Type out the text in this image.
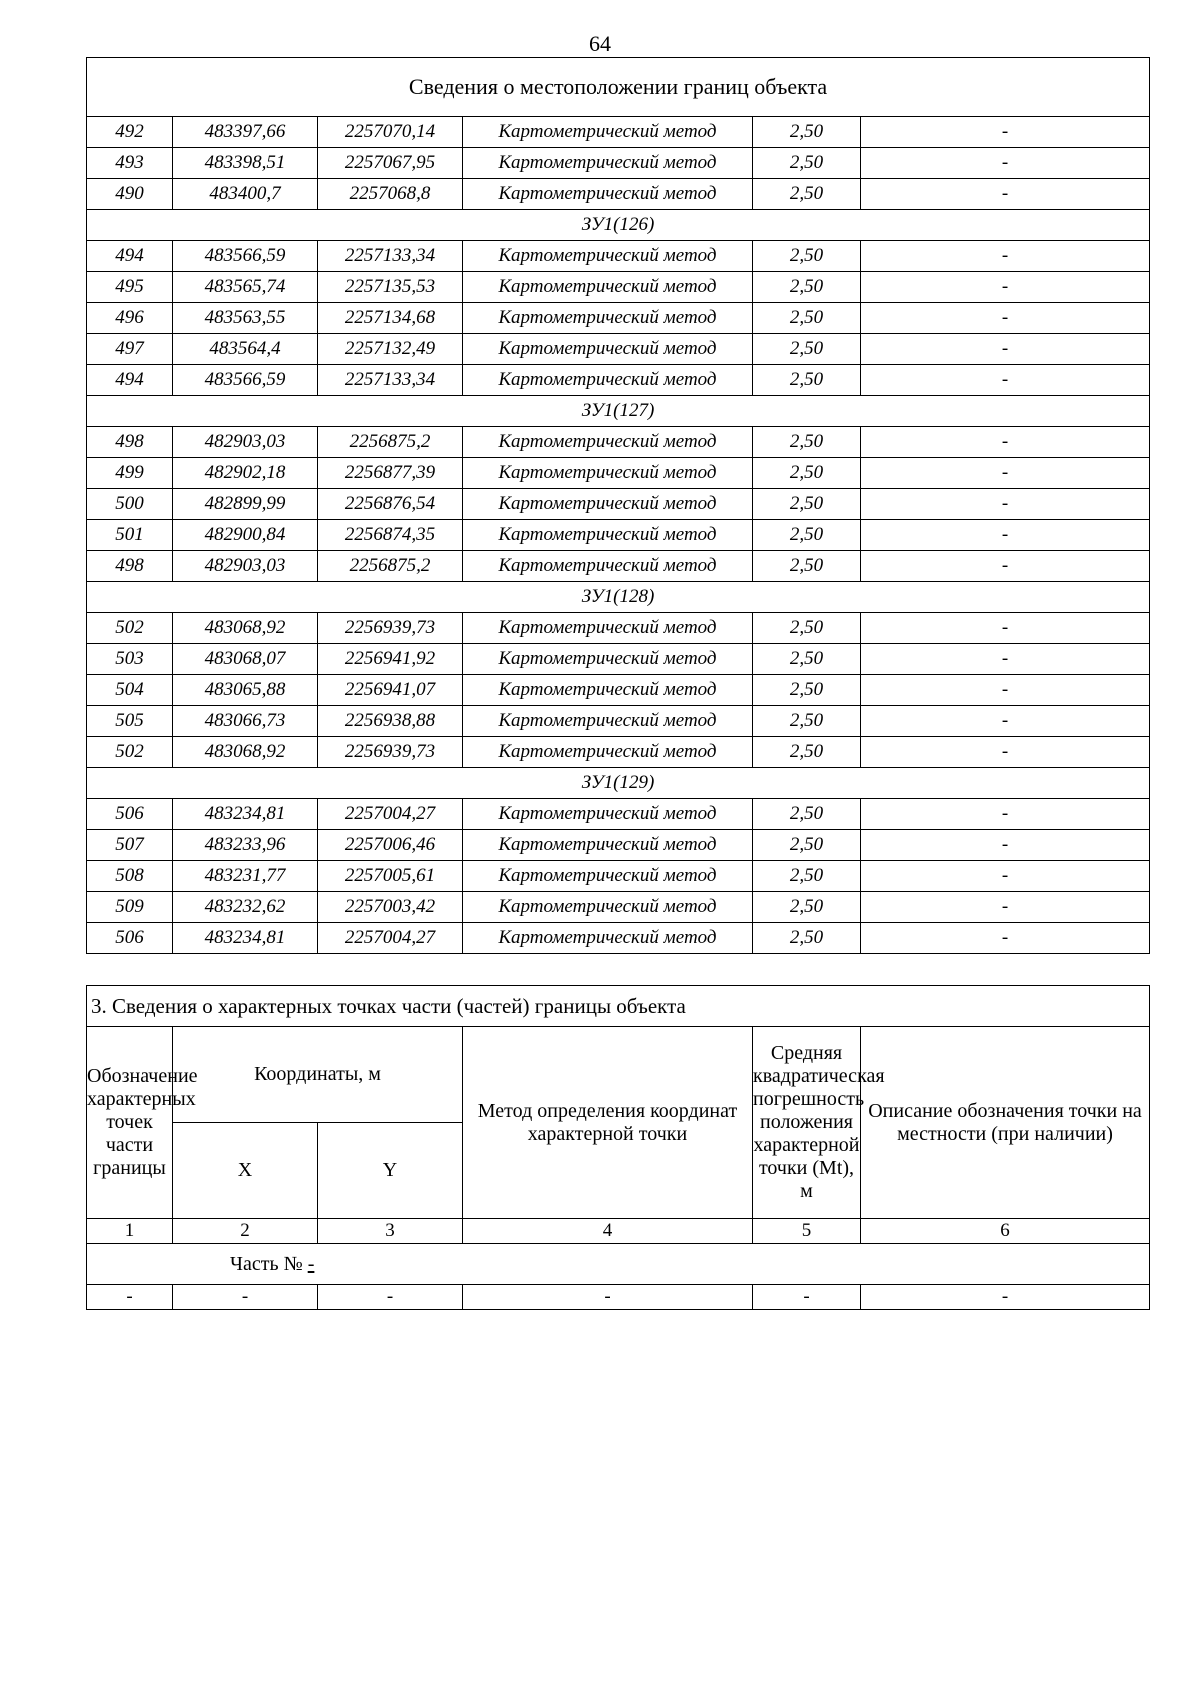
64
Сведения о местоположении границ объекта					
492	483397,66	2257070,14	Картометрический метод	2,50	-
493	483398,51	2257067,95	Картометрический метод	2,50	-
490	483400,7	2257068,8	Картометрический метод	2,50	-
ЗУ1(126)					
494	483566,59	2257133,34	Картометрический метод	2,50	-
495	483565,74	2257135,53	Картометрический метод	2,50	-
496	483563,55	2257134,68	Картометрический метод	2,50	-
497	483564,4	2257132,49	Картометрический метод	2,50	-
494	483566,59	2257133,34	Картометрический метод	2,50	-
ЗУ1(127)					
498	482903,03	2256875,2	Картометрический метод	2,50	-
499	482902,18	2256877,39	Картометрический метод	2,50	-
500	482899,99	2256876,54	Картометрический метод	2,50	-
501	482900,84	2256874,35	Картометрический метод	2,50	-
498	482903,03	2256875,2	Картометрический метод	2,50	-
ЗУ1(128)					
502	483068,92	2256939,73	Картометрический метод	2,50	-
503	483068,07	2256941,92	Картометрический метод	2,50	-
504	483065,88	2256941,07	Картометрический метод	2,50	-
505	483066,73	2256938,88	Картометрический метод	2,50	-
502	483068,92	2256939,73	Картометрический метод	2,50	-
ЗУ1(129)					
506	483234,81	2257004,27	Картометрический метод	2,50	-
507	483233,96	2257006,46	Картометрический метод	2,50	-
508	483231,77	2257005,61	Картометрический метод	2,50	-
509	483232,62	2257003,42	Картометрический метод	2,50	-
506	483234,81	2257004,27	Картометрический метод	2,50	-
3. Сведения о характерных точках части (частей) границы объекта					
Обозначение характерных точек части границы	Координаты, м		Метод определения координат характерной точки	Средняя квадратическая погрешность положения характерной точки (Mt), м	Описание обозначения точки на местности (при наличии)
	X	Y			
1	2	3	4	5	6
Часть № -					
-	-	-	-	-	-
